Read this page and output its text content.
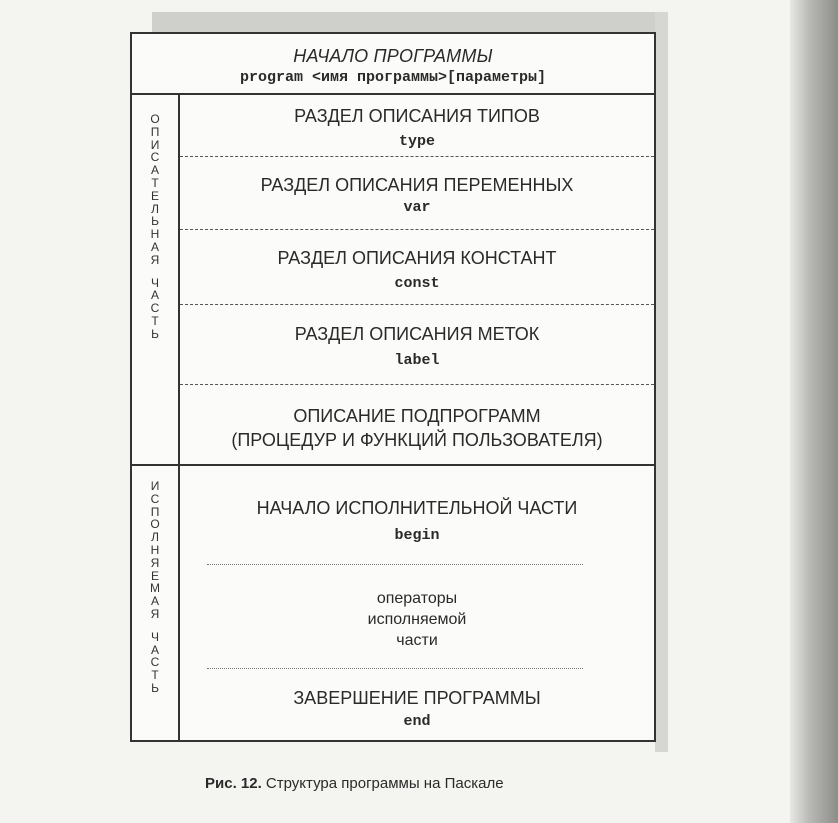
НАЧАЛО ПРОГРАММЫ
program <имя программы>[параметры]
О
П
И
С
А
Т
Е
Л
Ь
Н
А
Я
Ч
А
С
Т
Ь
И
С
П
О
Л
Н
Я
Е
М
А
Я
Ч
А
С
Т
Ь
РАЗДЕЛ ОПИСАНИЯ ТИПОВ
type
РАЗДЕЛ ОПИСАНИЯ ПЕРЕМЕННЫХ
var
РАЗДЕЛ ОПИСАНИЯ КОНСТАНТ
const
РАЗДЕЛ ОПИСАНИЯ МЕТОК
label
ОПИСАНИЕ ПОДПРОГРАММ
(ПРОЦЕДУР И ФУНКЦИЙ ПОЛЬЗОВАТЕЛЯ)
НАЧАЛО ИСПОЛНИТЕЛЬНОЙ ЧАСТИ
begin
операторы
исполняемой
части
ЗАВЕРШЕНИЕ ПРОГРАММЫ
end
Рис. 12. Структура программы на Паскале
